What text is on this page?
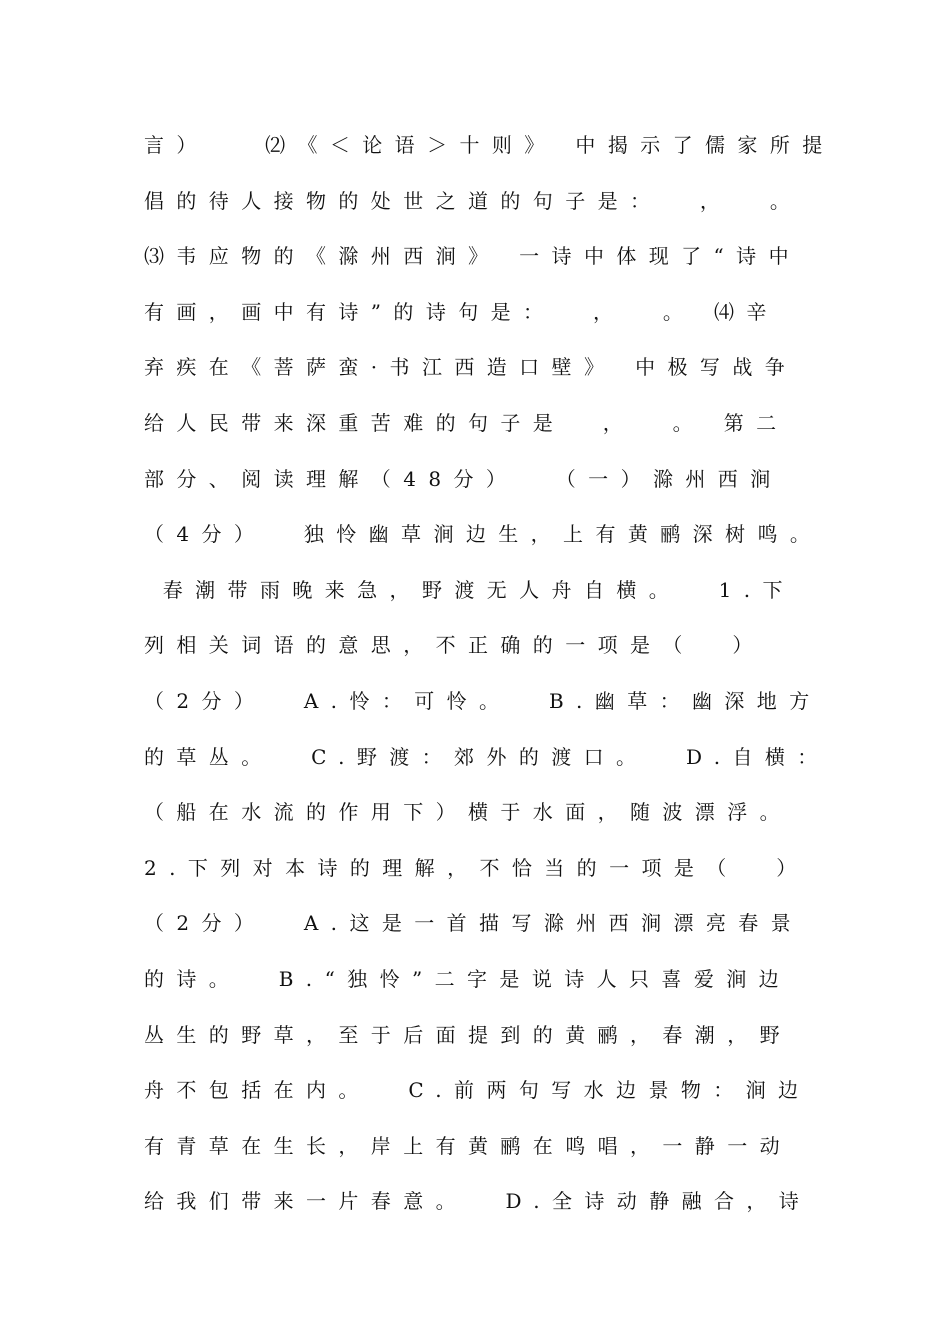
言）   ⑵《＜论语＞十则》 中揭示了儒家所提
倡的待人接物的处世之道的句子是：  ，  。
⑶韦应物的《滁州西涧》 一诗中体现了“诗中
有画，画中有诗”的诗句是：  ，  。 ⑷辛
弃疾在《菩萨蛮·书江西造口壁》 中极写战争
给人民带来深重苦难的句子是  ，  。 第二
部分、阅读理解（48分）  （一）滁州西涧
（4分）  独怜幽草涧边生，上有黄鹂深树鸣。
春潮带雨晚来急，野渡无人舟自横。  1.下
列相关词语的意思，不正确的一项是（  ）
（2分）  A.怜：可怜。  B.幽草：幽深地方
的草丛。  C.野渡：郊外的渡口。  D.自横：
（船在水流的作用下）横于水面，随波漂浮。
2.下列对本诗的理解，不恰当的一项是（  ）
（2分）  A.这是一首描写滁州西涧漂亮春景
的诗。  B.“独怜”二字是说诗人只喜爱涧边
丛生的野草，至于后面提到的黄鹂，春潮，野
舟不包括在内。  C.前两句写水边景物：涧边
有青草在生长，岸上有黄鹂在鸣唱，一静一动
给我们带来一片春意。  D.全诗动静融合，诗
